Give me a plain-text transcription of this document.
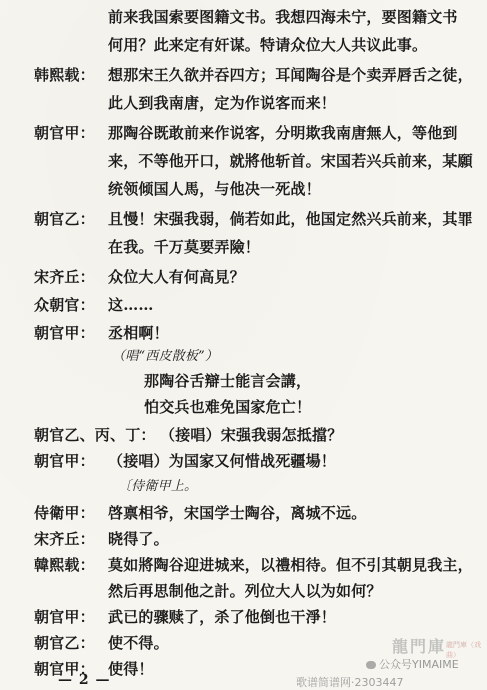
前来我国索要图籍文书。我想四海未宁，要图籍文书
何用？此来定有奸谋。特请众位大人共议此事。
韩熙载： 想那宋王久欲并吞四方；耳闻陶谷是个卖弄唇舌之徒，
此人到我南唐，定为作说客而来！
朝官甲： 那陶谷既敢前来作说客，分明欺我南唐無人，等他到
来，不等他开口，就將他斩首。宋国若兴兵前来，某願
统领倾国人馬，与他决一死战！
朝官乙： 且慢！宋强我弱，倘若如此，他国定然兴兵前来，其罪
在我。千万莫要弄險！
宋齐丘： 众位大人有何高見？
众朝官： 这……
朝官甲： 丞相啊！
（唱“西皮散板”）
那陶谷舌辯士能言会講，
怕交兵也难免国家危亡！
朝官乙、丙、丁： （接唱）宋强我弱怎抵擋？
朝官甲： （接唱）为国家又何惜战死疆場！
〔侍衛甲上。
侍衛甲： 啓禀相爷，宋国学士陶谷，离城不远。
宋齐丘： 晓得了。
韓熙载： 莫如將陶谷迎进城来，以禮相待。但不引其朝見我主，
然后再思制他之計。列位大人以为如何？
朝官甲： 武已的骤赎了，杀了他倒也干淨！
朝官乙： 使不得。
朝官甲： 使得！
— 2 —
龍門庫 龍門庫（戏曲）
公众号YIMAIME
歌谱简谱网·2303447
